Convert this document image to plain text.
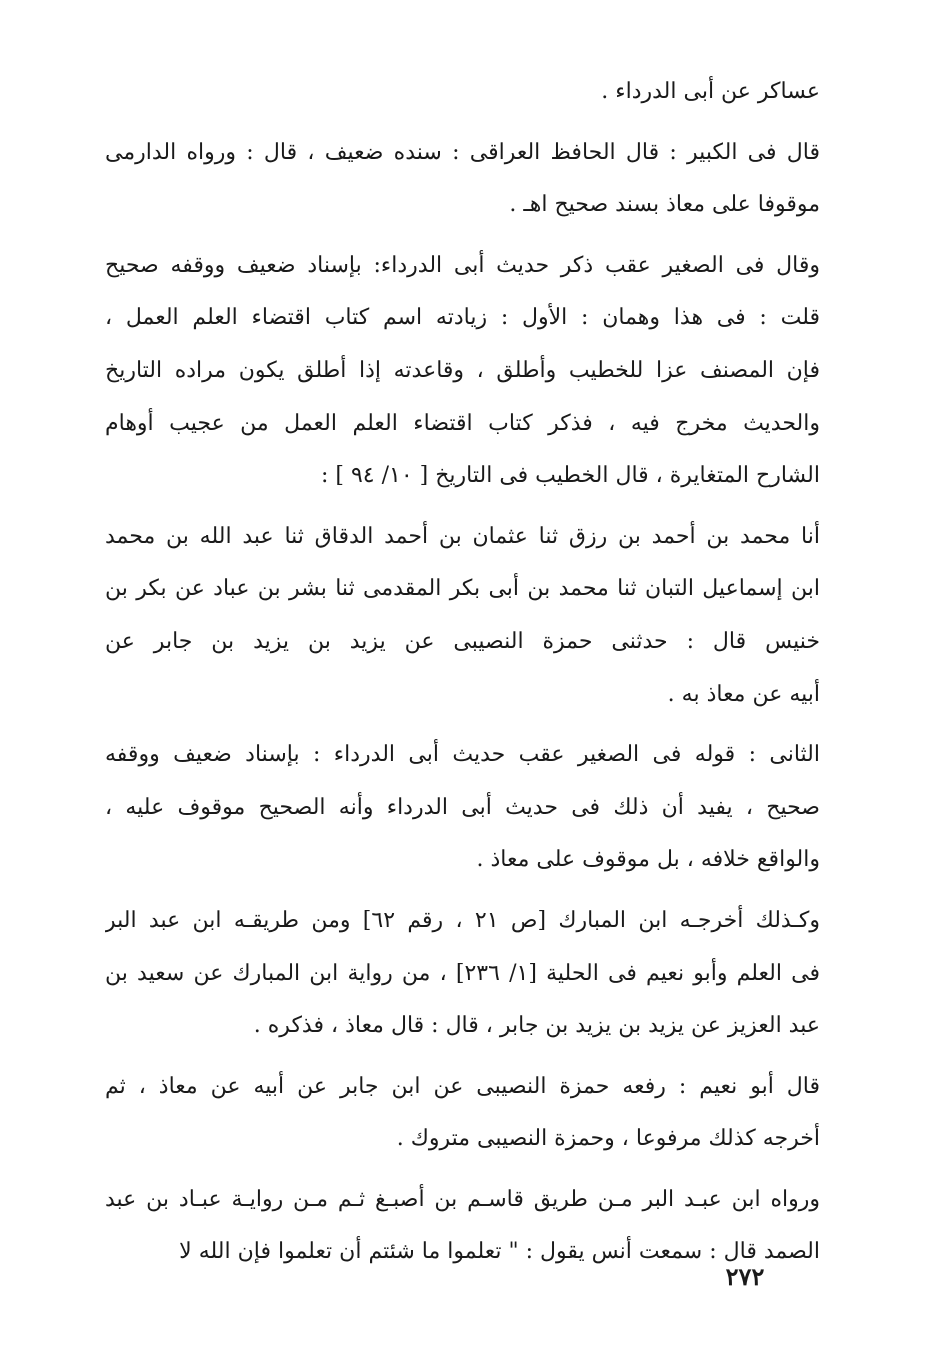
عساكر عن أبى الدرداء .
قال فى الكبير : قال الحافظ العراقى : سنده ضعيف ، قال : ورواه الدارمى
موقوفا على معاذ بسند صحيح اهـ .
وقال فى الصغير عقب ذكر حديث أبى الدرداء: بإسناد ضعيف ووقفه صحيح
قلت : فى هذا وهمان : الأول : زيادته اسم كتاب اقتضاء العلم العمل ،
فإن المصنف عزا للخطيب وأطلق ، وقاعدته إذا أطلق يكون مراده التاريخ
والحديث مخرج فيه ، فذكر كتاب اقتضاء العلم العمل من عجيب أوهام
الشارح المتغايرة ، قال الخطيب فى التاريخ [ ١٠/ ٩٤ ] :
أنا محمد بن أحمد بن رزق ثنا عثمان بن أحمد الدقاق ثنا عبد الله بن محمد
ابن إسماعيل التبان ثنا محمد بن أبى بكر المقدمى ثنا بشر بن عباد عن بكر بن
خنيس قال : حدثنى حمزة النصيبى عن يزيد بن يزيد بن جابر عن
أبيه عن معاذ به .
الثانى : قوله فى الصغير عقب حديث أبى الدرداء : بإسناد ضعيف ووقفه
صحيح ، يفيد أن ذلك فى حديث أبى الدرداء وأنه الصحيح موقوف عليه ،
والواقع خلافه ، بل موقوف على معاذ .
وكـذلك أخرجـه ابن المبارك [ص ٢١ ، رقم ٦٢] ومن طريقـه ابن عبد البر
فى العلم وأبو نعيم فى الحلية [١/ ٢٣٦] ، من رواية ابن المبارك عن سعيد بن
عبد العزيز عن يزيد بن يزيد بن جابر ، قال : قال معاذ ، فذكره .
قال أبو نعيم : رفعه حمزة النصيبى عن ابن جابر عن أبيه عن معاذ ، ثم
أخرجه كذلك مرفوعا ، وحمزة النصيبى متروك .
ورواه ابن عبـد البر مـن طريق قاسـم بن أصبـغ ثـم مـن روايـة عبـاد بن عبد
الصمد قال : سمعت أنس يقول : " تعلموا ما شئتم أن تعلموا فإن الله لا
٢٧٢
